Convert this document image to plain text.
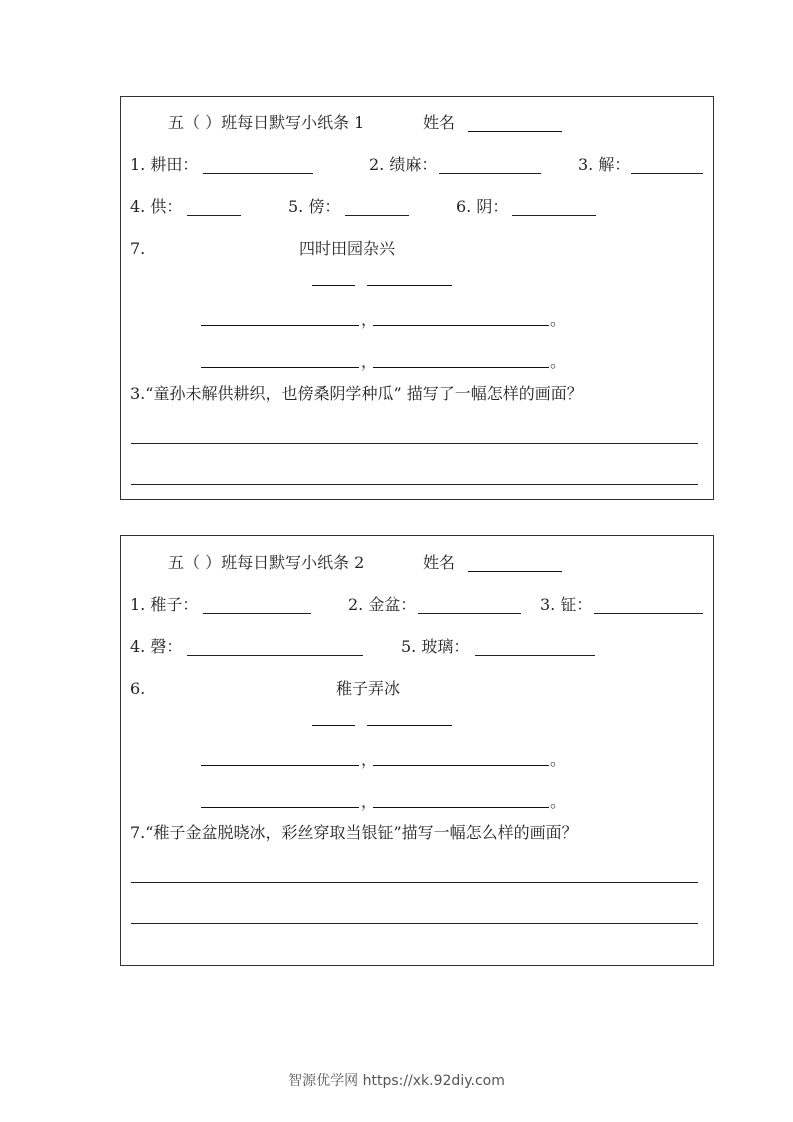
五（ ）班每日默写小纸条 1	姓名
1. 耕田：	2. 绩麻：	3. 解：
4. 供：	5. 傍：	6. 阴：
7.	四时田园杂兴
，	。
，	。
3.“童孙未解供耕织，也傍桑阴学种瓜” 描写了一幅怎样的画面？
五（ ）班每日默写小纸条 2	姓名
1. 稚子：	2. 金盆：	3. 钲：
4. 磬：	5. 玻璃：
6.	稚子弄冰
，	。
，	。
7.“稚子金盆脱晓冰，彩丝穿取当银钲”描写一幅怎么样的画面？
智源优学网 https://xk.92diy.com
